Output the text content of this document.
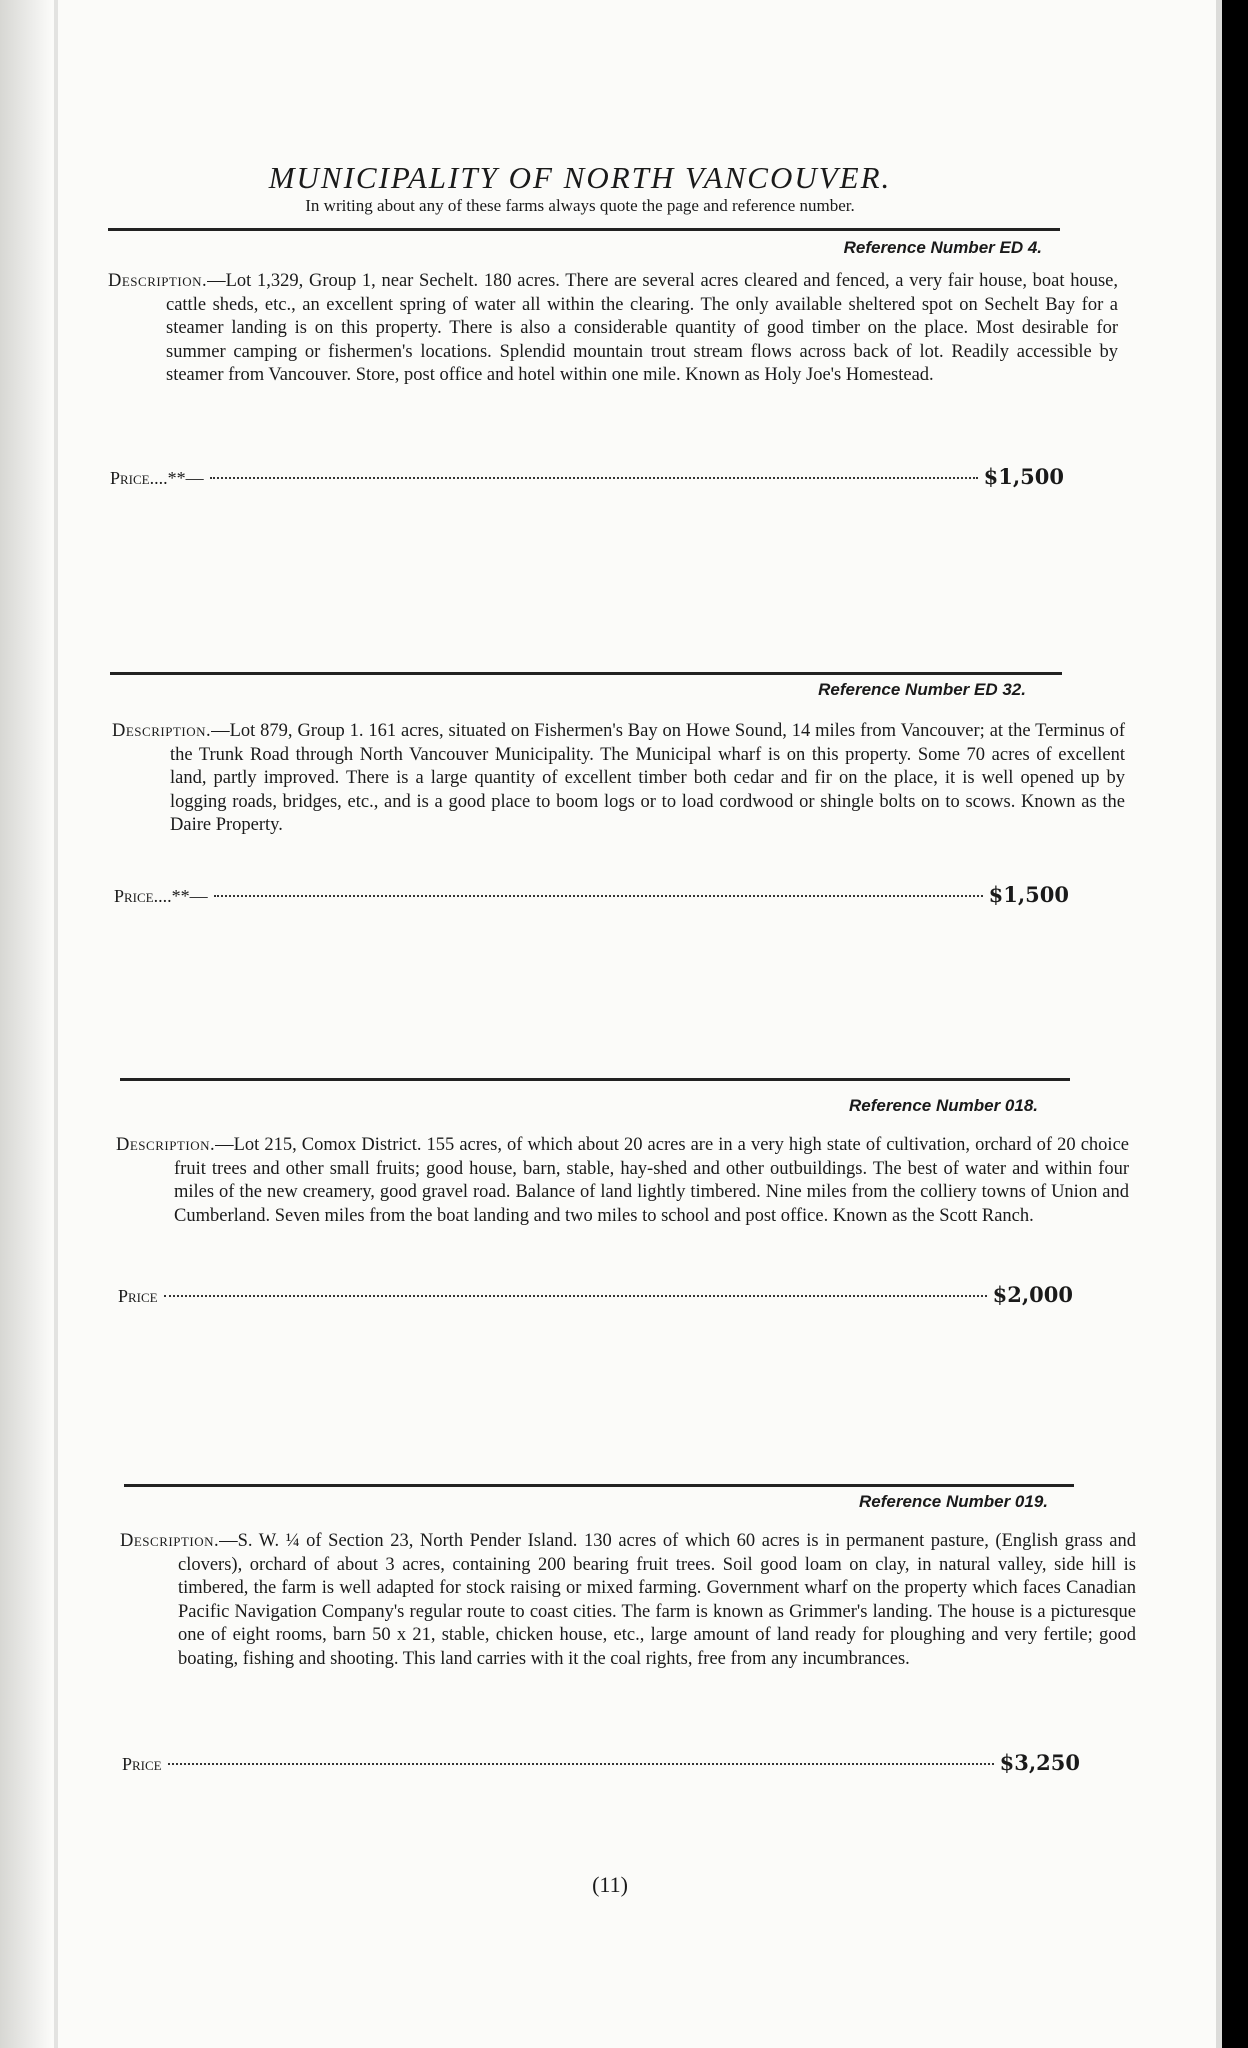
MUNICIPALITY OF NORTH VANCOUVER.
In writing about any of these farms always quote the page and reference number.
Reference Number ED 4.
Description.—Lot 1,329, Group 1, near Sechelt. 180 acres. There are several acres cleared and fenced, a very fair house, boat house, cattle sheds, etc., an excellent spring of water all within the clearing. The only available sheltered spot on Sechelt Bay for a steamer landing is on this property. There is also a considerable quantity of good timber on the place. Most desirable for summer camping or fishermen's locations. Splendid mountain trout stream flows across back of lot. Readily accessible by steamer from Vancouver. Store, post office and hotel within one mile. Known as Holy Joe's Homestead.
Price....**—	$1,500
Reference Number ED 32.
Description.—Lot 879, Group 1. 161 acres, situated on Fishermen's Bay on Howe Sound, 14 miles from Vancouver; at the Terminus of the Trunk Road through North Vancouver Municipality. The Municipal wharf is on this property. Some 70 acres of excellent land, partly improved. There is a large quantity of excellent timber both cedar and fir on the place, it is well opened up by logging roads, bridges, etc., and is a good place to boom logs or to load cordwood or shingle bolts on to scows. Known as the Daire Property.
Price....**—	$1,500
Reference Number 018.
Description.—Lot 215, Comox District. 155 acres, of which about 20 acres are in a very high state of cultivation, orchard of 20 choice fruit trees and other small fruits; good house, barn, stable, hay-shed and other outbuildings. The best of water and within four miles of the new creamery, good gravel road. Balance of land lightly timbered. Nine miles from the colliery towns of Union and Cumberland. Seven miles from the boat landing and two miles to school and post office. Known as the Scott Ranch.
Price	$2,000
Reference Number 019.
Description.—S. W. ¼ of Section 23, North Pender Island. 130 acres of which 60 acres is in permanent pasture, (English grass and clovers), orchard of about 3 acres, containing 200 bearing fruit trees. Soil good loam on clay, in natural valley, side hill is timbered, the farm is well adapted for stock raising or mixed farming. Government wharf on the property which faces Canadian Pacific Navigation Company's regular route to coast cities. The farm is known as Grimmer's landing. The house is a picturesque one of eight rooms, barn 50 x 21, stable, chicken house, etc., large amount of land ready for ploughing and very fertile; good boating, fishing and shooting. This land carries with it the coal rights, free from any incumbrances.
Price	$3,250
(11)
